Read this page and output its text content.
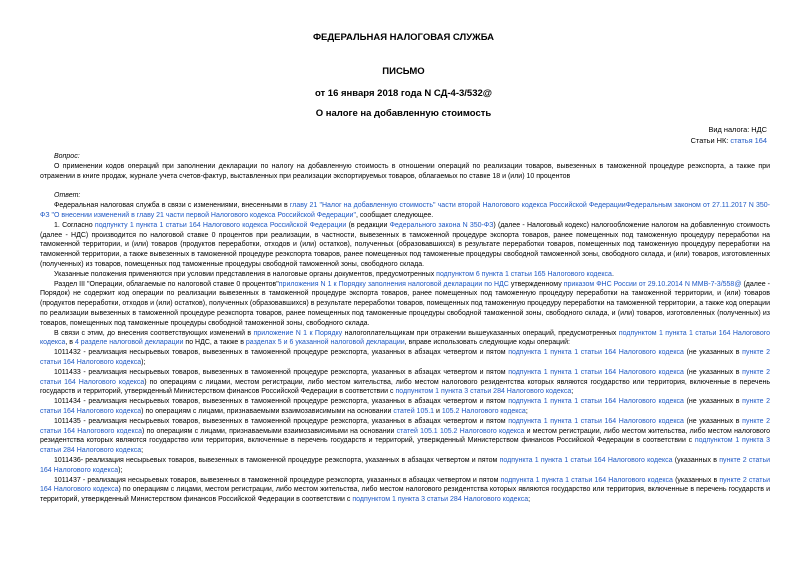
ФЕДЕРАЛЬНАЯ НАЛОГОВАЯ СЛУЖБА
ПИСЬМО
от 16 января 2018 года N СД-4-3/532@
О налоге на добавленную стоимость
Вид налога: НДС
Статьи НК: статья 164

Вопрос:

О применении кодов операций при заполнении декларации по налогу на добавленную стоимость в отношении операций по реализации товаров, вывезенных в таможенной процедуре реэкспорта, а также при отражении в книге продаж, журнале учета счетов-фактур, выставленных при реализации экспортируемых товаров, облагаемых по ставке 18 и (или) 10 процентов

Ответ:

Федеральная налоговая служба в связи с изменениями, внесенными в главу 21 "Налог на добавленную стоимость" части второй Налогового кодекса Российской ФедерацииФедеральным законом от 27.11.2017 N 350-ФЗ "О внесении изменений в главу 21 части первой Налогового кодекса Российской Федерации", сообщает следующее.

1. Согласно подпункту 1 пункта 1 статьи 164 Налогового кодекса Российской Федерации (в редакции Федерального закона N 350-ФЗ) (далее - Налоговый кодекс) налогообложение налогом на добавленную стоимость (далее - НДС) производится по налоговой ставке 0 процентов при реализации, в частности, вывезенных в таможенной процедуре экспорта товаров, ранее помещенных под таможенную процедуру переработки на таможенной территории, и (или) товаров (продуктов переработки, отходов и (или) остатков), полученных (образовавшихся) в результате переработки товаров, помещенных под таможенную процедуру переработки на таможенной территории, а также вывезенных в таможенной процедуре реэкспорта товаров, ранее помещенных под таможенные процедуры свободной таможенной зоны, свободного склада, и (или) товаров, изготовленных (полученных) из товаров, помещенных под таможенные процедуры свободной таможенной зоны, свободного склада.

Указанные положения применяются при условии представления в налоговые органы документов, предусмотренных подпунктом 6 пункта 1 статьи 165 Налогового кодекса.

Раздел III "Операции, облагаемые по налоговой ставке 0 процентов"приложения N 1 к Порядку заполнения налоговой декларации по НДС утвержденному приказом ФНС России от 29.10.2014 N ММВ-7-3/558@ (далее - Порядок) не содержит код операции по реализации вывезенных в таможенной процедуре экспорта товаров, ранее помещенных под таможенную процедуру переработки на таможенной территории, и (или) товаров (продуктов переработки, отходов и (или) остатков), полученных (образовавшихся) в результате переработки товаров, помещенных под таможенную процедуру переработки на таможенной территории, а также код операции по реализации вывезенных в таможенной процедуре реэкспорта товаров, ранее помещенных под таможенные процедуры свободной таможенной зоны, свободного склада, и (или) товаров, изготовленных (полученных) из товаров, помещенных под таможенные процедуры свободной таможенной зоны, свободного склада.

В связи с этим, до внесения соответствующих изменений в приложение N 1 к Порядку налогоплательщикам при отражении вышеуказанных операций, предусмотренных подпунктом 1 пункта 1 статьи 164 Налогового кодекса, в 4 разделе налоговой декларации по НДС, а также в разделах 5 и 6 указанной налоговой декларации, вправе использовать следующие коды операций:

1011432 - реализация несырьевых товаров, вывезенных в таможенной процедуре реэкспорта, указанных в абзацах четвертом и пятом подпункта 1 пункта 1 статьи 164 Налогового кодекса (не указанных в пункте 2 статьи 164 Налогового кодекса);

1011433 - реализация несырьевых товаров, вывезенных в таможенной процедуре реэкспорта, указанных в абзацах четвертом и пятом подпункта 1 пункта 1 статьи 164 Налогового кодекса (не указанных в пункте 2 статьи 164 Налогового кодекса) по операциям с лицами, местом регистрации, либо местом жительства, либо местом налогового резидентства которых являются государство или территория, включенные в перечень государств и территорий, утвержденный Министерством финансов Российской Федерации в соответствии с подпунктом 1 пункта 3 статьи 284 Налогового кодекса;

1011434 - реализация несырьевых товаров, вывезенных в таможенной процедуре реэкспорта, указанных в абзацах четвертом и пятом подпункта 1 пункта 1 статьи 164 Налогового кодекса (не указанных в пункте 2 статьи 164 Налогового кодекса) по операциям с лицами, признаваемыми взаимозависимыми на основании статей 105.1 и 105.2 Налогового кодекса;

1011435 - реализация несырьевых товаров, вывезенных в таможенной процедуре реэкспорта, указанных в абзацах четвертом и пятом подпункта 1 пункта 1 статьи 164 Налогового кодекса (не указанных в пункте 2 статьи 164 Налогового кодекса) по операциям с лицами, признаваемыми взаимозависимыми на основании статей 105.1 105.2 Налогового кодекса и местом регистрации, либо местом жительства, либо местом налогового резидентства которых являются государство или территория, включенные в перечень государств и территорий, утвержденный Министерством финансов Российской Федерации в соответствии с подпунктом 1 пункта 3 статьи 284 Налогового кодекса;

1011436- реализация несырьевых товаров, вывезенных в таможенной процедуре реэкспорта, указанных в абзацах четвертом и пятом подпункта 1 пункта 1 статьи 164 Налогового кодекса (указанных в пункте 2 статьи 164 Налогового кодекса);

1011437 - реализация несырьевых товаров, вывезенных в таможенной процедуре реэкспорта, указанных в абзацах четвертом и пятом подпункта 1 пункта 1 статьи 164 Налогового кодекса (указанных в пункте 2 статьи 164 Налогового кодекса) по операциям с лицами, местом регистрации, либо местом жительства, либо местом налогового резидентства которых являются государство или территория, включенные в перечень государств и территорий, утвержденный Министерством финансов Российской Федерации в соответствии с подпунктом 1 пункта 3 статьи 284 Налогового кодекса;
